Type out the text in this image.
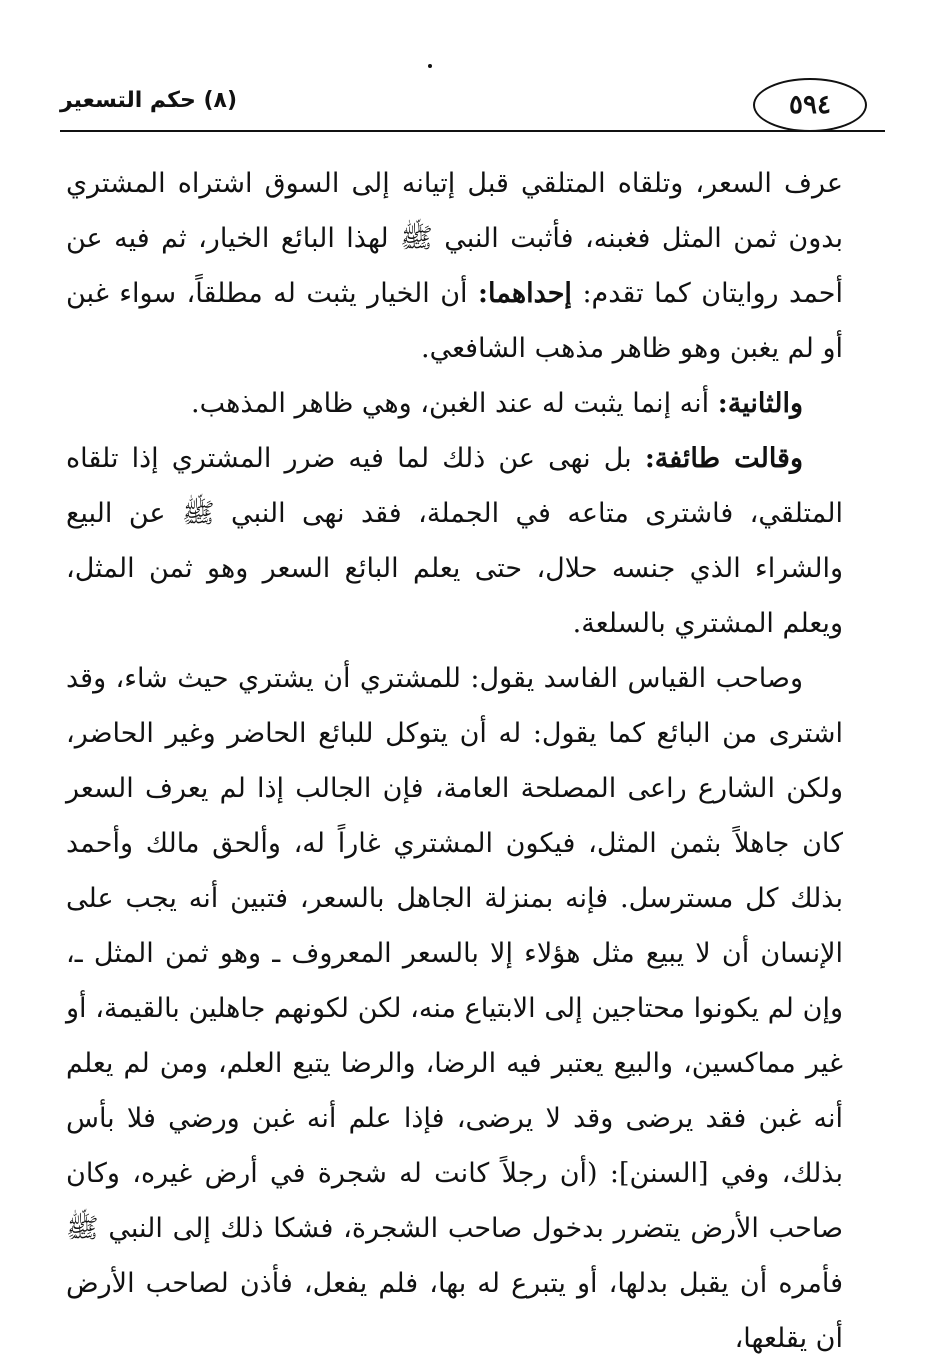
٥٩٤
(٨) حكم التسعير

عرف السعر، وتلقاه المتلقي قبل إتيانه إلى السوق اشتراه المشتري بدون ثمن المثل فغبنه، فأثبت النبي ﷺ لهذا البائع الخيار، ثم فيه عن أحمد روايتان كما تقدم: إحداهما: أن الخيار يثبت له مطلقاً، سواء غبن أو لم يغبن وهو ظاهر مذهب الشافعي.

والثانية: أنه إنما يثبت له عند الغبن، وهي ظاهر المذهب.

وقالت طائفة: بل نهى عن ذلك لما فيه ضرر المشتري إذا تلقاه المتلقي، فاشترى متاعه في الجملة، فقد نهى النبي ﷺ عن البيع والشراء الذي جنسه حلال، حتى يعلم البائع السعر وهو ثمن المثل، ويعلم المشتري بالسلعة.

وصاحب القياس الفاسد يقول: للمشتري أن يشتري حيث شاء، وقد اشترى من البائع كما يقول: له أن يتوكل للبائع الحاضر وغير الحاضر، ولكن الشارع راعى المصلحة العامة، فإن الجالب إذا لم يعرف السعر كان جاهلاً بثمن المثل، فيكون المشتري غاراً له، وألحق مالك وأحمد بذلك كل مسترسل. فإنه بمنزلة الجاهل بالسعر، فتبين أنه يجب على الإنسان أن لا يبيع مثل هؤلاء إلا بالسعر المعروف ـ وهو ثمن المثل ـ، وإن لم يكونوا محتاجين إلى الابتياع منه، لكن لكونهم جاهلين بالقيمة، أو غير مماكسين، والبيع يعتبر فيه الرضا، والرضا يتبع العلم، ومن لم يعلم أنه غبن فقد يرضى وقد لا يرضى، فإذا علم أنه غبن ورضي فلا بأس بذلك، وفي [السنن]: (أن رجلاً كانت له شجرة في أرض غيره، وكان صاحب الأرض يتضرر بدخول صاحب الشجرة، فشكا ذلك إلى النبي ﷺ فأمره أن يقبل بدلها، أو يتبرع له بها، فلم يفعل، فأذن لصاحب الأرض أن يقلعها،
